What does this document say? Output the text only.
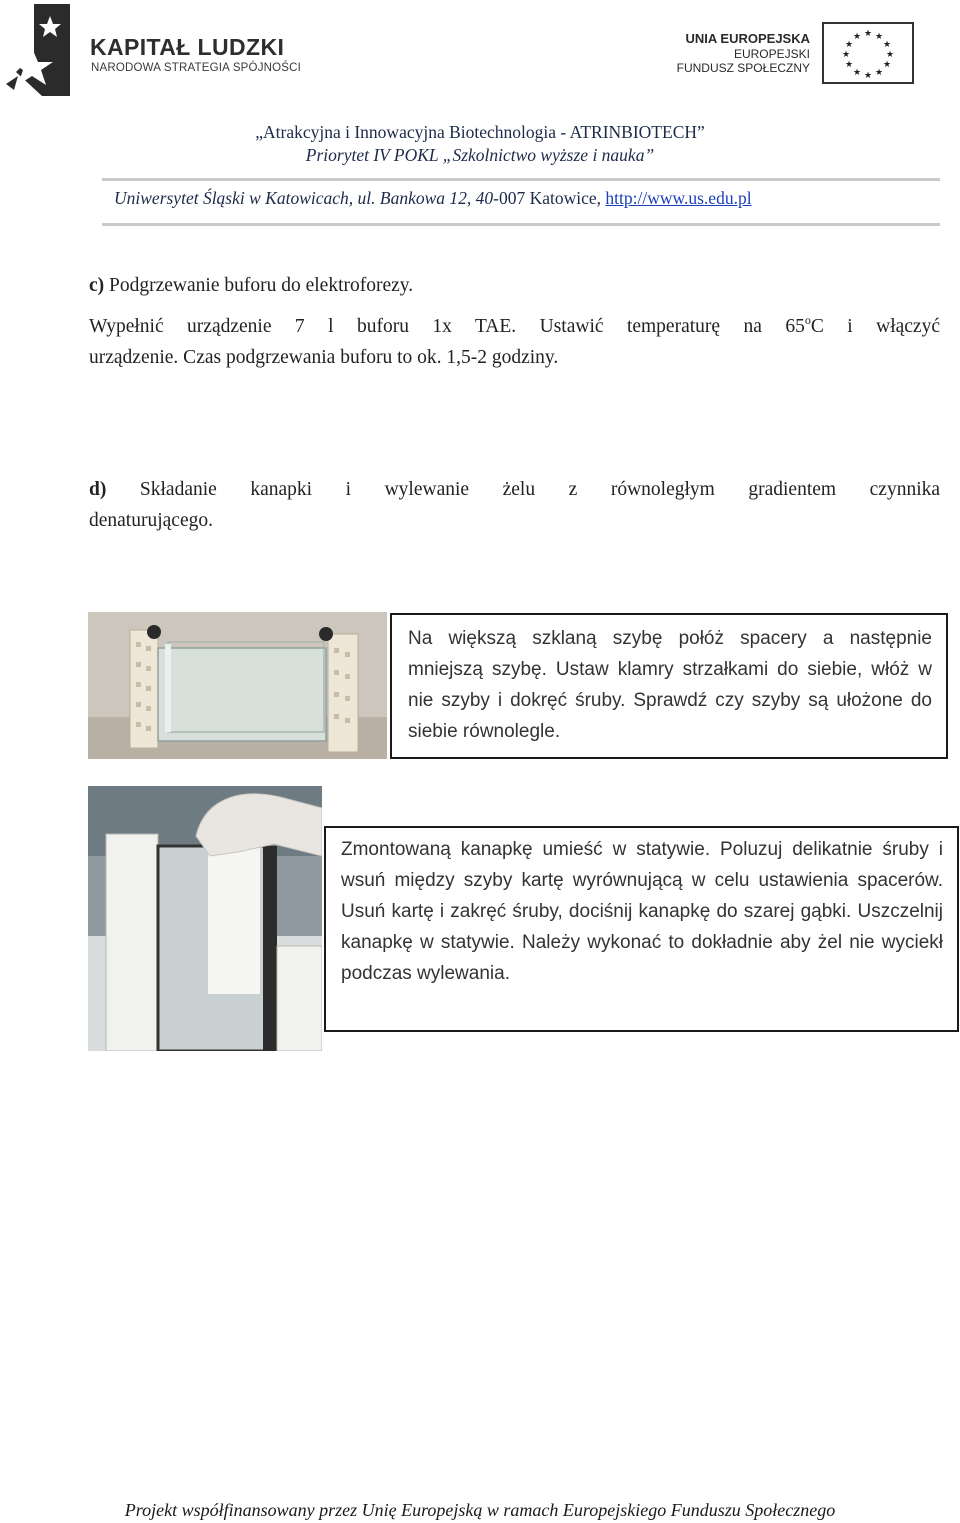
KAPITAŁ LUDZKI
NARODOWA STRATEGIA SPÓJNOŚCI
UNIA EUROPEJSKA
EUROPEJSKI
FUNDUSZ SPOŁECZNY
★ ★
★
★
★
★
★
★
★
★
★
★
„Atrakcyjna i Innowacyjna Biotechnologia - ATRINBIOTECH”
Priorytet IV POKL „Szkolnictwo wyższe i nauka”
Uniwersytet Śląski w Katowicach, ul. Bankowa 12, 40-007 Katowice, http://www.us.edu.pl
c) Podgrzewanie buforu do elektroforezy.
Wypełnić urządzenie 7 l buforu 1x TAE. Ustawić temperaturę na 65$^o$C i włączyć
urządzenie. Czas podgrzewania buforu to ok. 1,5-2 godziny.
d) Składanie kanapki i wylewanie żelu z równoległym gradientem czynnika
denaturującego.

Na większą szklaną szybę połóż spacery a następnie mniejszą szybę. Ustaw klamry strzałkami do siebie, włóż w nie szyby i dokręć śruby. Sprawdź czy szyby są ułożone do siebie równolegle.

Zmontowaną kanapkę umieść w statywie. Poluzuj delikatnie śruby i wsuń między szyby kartę wyrównującą w celu ustawienia spacerów. Usuń kartę i zakręć śruby, dociśnij kanapkę do szarej gąbki. Uszczelnij kanapkę w statywie. Należy wykonać to dokładnie aby żel nie wyciekł podczas wylewania.

Projekt współfinansowany przez Unię Europejską w ramach Europejskiego Funduszu Społecznego
